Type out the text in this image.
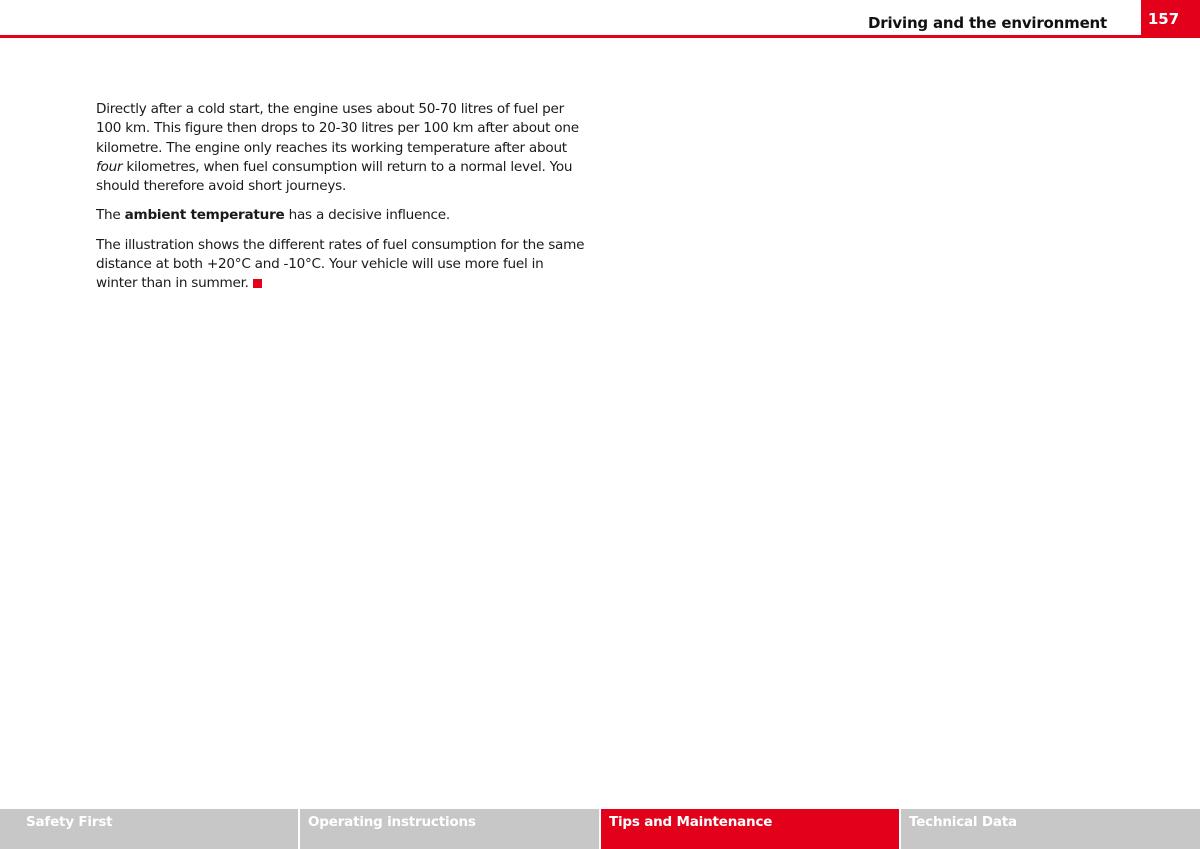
Driving and the environment	157

Directly after a cold start, the engine uses about 50-70 litres of fuel per 100 km. This figure then drops to 20-30 litres per 100 km after about one kilometre. The engine only reaches its working temperature after about four kilometres, when fuel consumption will return to a normal level. You should therefore avoid short journeys.

The ambient temperature has a decisive influence.

The illustration shows the different rates of fuel consumption for the same distance at both +20°C and -10°C. Your vehicle will use more fuel in winter than in summer.

Safety First	Operating instructions	Tips and Maintenance	Technical Data
